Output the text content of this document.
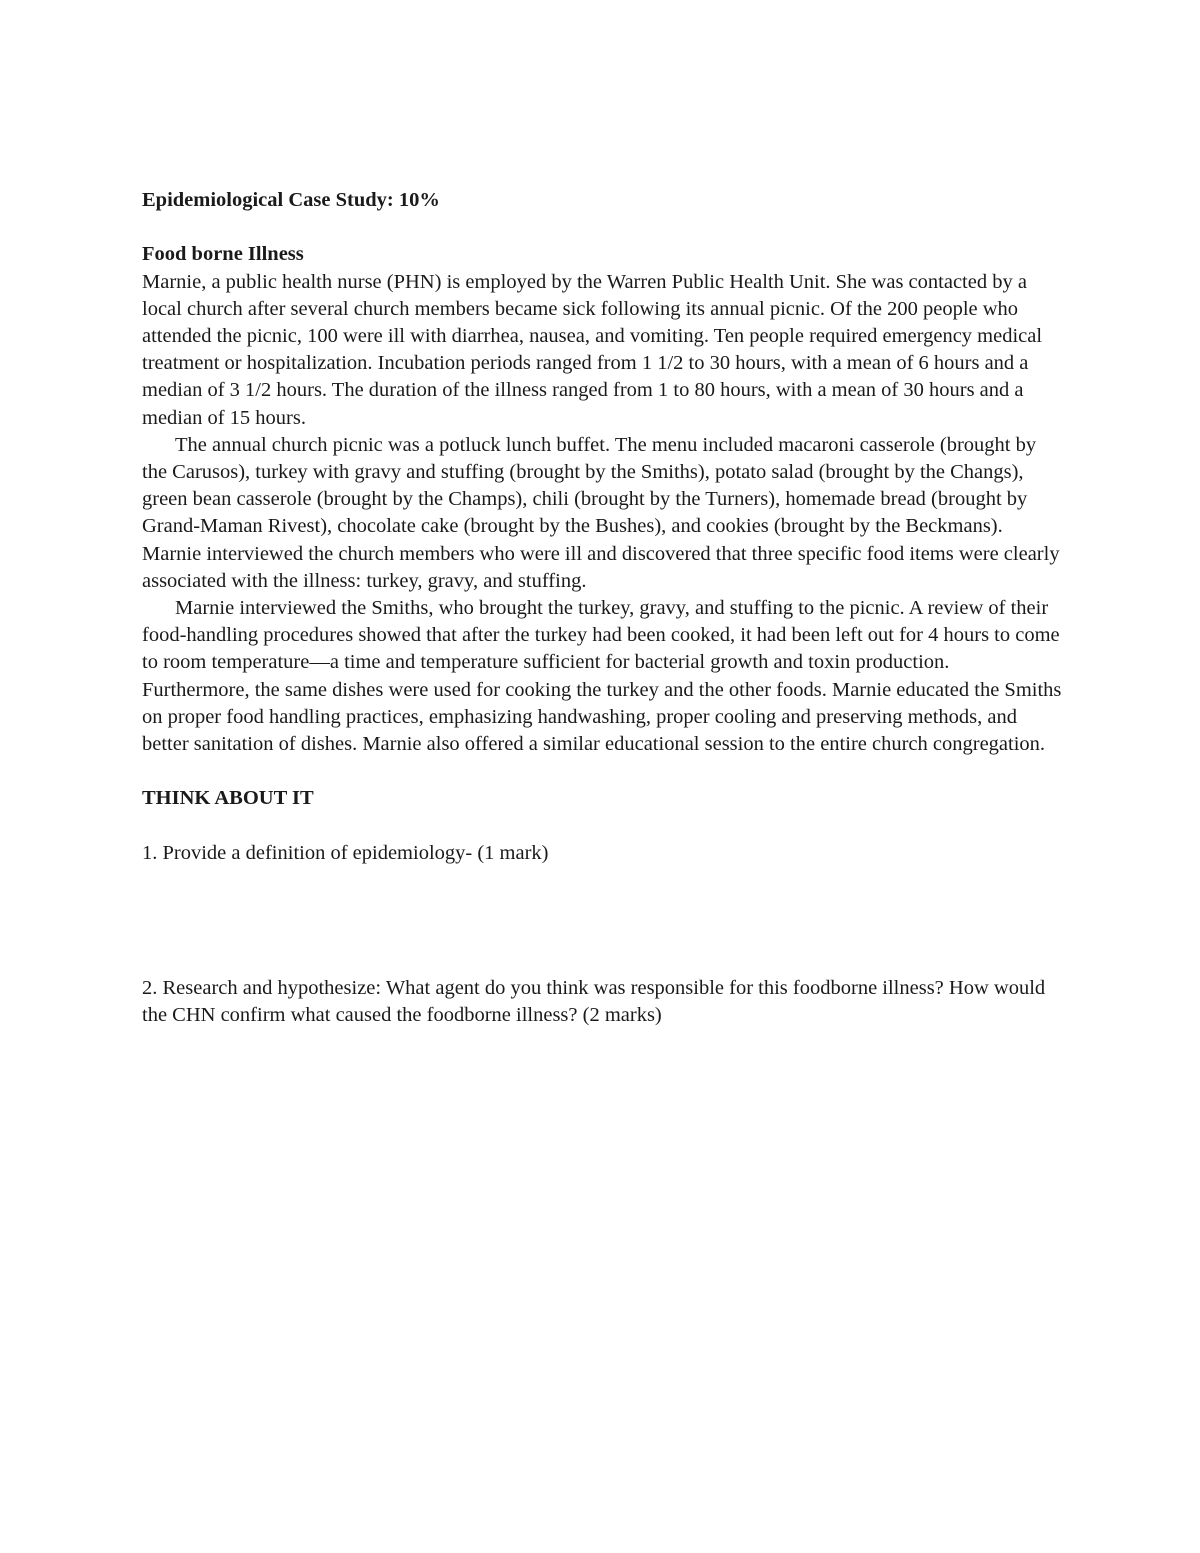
Epidemiological Case Study: 10%

Food borne Illness

Marnie, a public health nurse (PHN) is employed by the Warren Public Health Unit. She was contacted by a local church after several church members became sick following its annual picnic. Of the 200 people who attended the picnic, 100 were ill with diarrhea, nausea, and vomiting. Ten people required emergency medical treatment or hospitalization. Incubation periods ranged from 1 1/2 to 30 hours, with a mean of 6 hours and a median of 3 1/2 hours. The duration of the illness ranged from 1 to 80 hours, with a mean of 30 hours and a median of 15 hours.

The annual church picnic was a potluck lunch buffet. The menu included macaroni casserole (brought by the Carusos), turkey with gravy and stuffing (brought by the Smiths), potato salad (brought by the Changs), green bean casserole (brought by the Champs), chili (brought by the Turners), homemade bread (brought by Grand-Maman Rivest), chocolate cake (brought by the Bushes), and cookies (brought by the Beckmans). Marnie interviewed the church members who were ill and discovered that three specific food items were clearly associated with the illness: turkey, gravy, and stuffing.

Marnie interviewed the Smiths, who brought the turkey, gravy, and stuffing to the picnic. A review of their food-handling procedures showed that after the turkey had been cooked, it had been left out for 4 hours to come to room temperature—a time and temperature sufficient for bacterial growth and toxin production. Furthermore, the same dishes were used for cooking the turkey and the other foods. Marnie educated the Smiths on proper food handling practices, emphasizing handwashing, proper cooling and preserving methods, and better sanitation of dishes. Marnie also offered a similar educational session to the entire church congregation.

THINK ABOUT IT

1. Provide a definition of epidemiology- (1 mark)

2. Research and hypothesize: What agent do you think was responsible for this foodborne illness? How would the CHN confirm what caused the foodborne illness? (2 marks)
